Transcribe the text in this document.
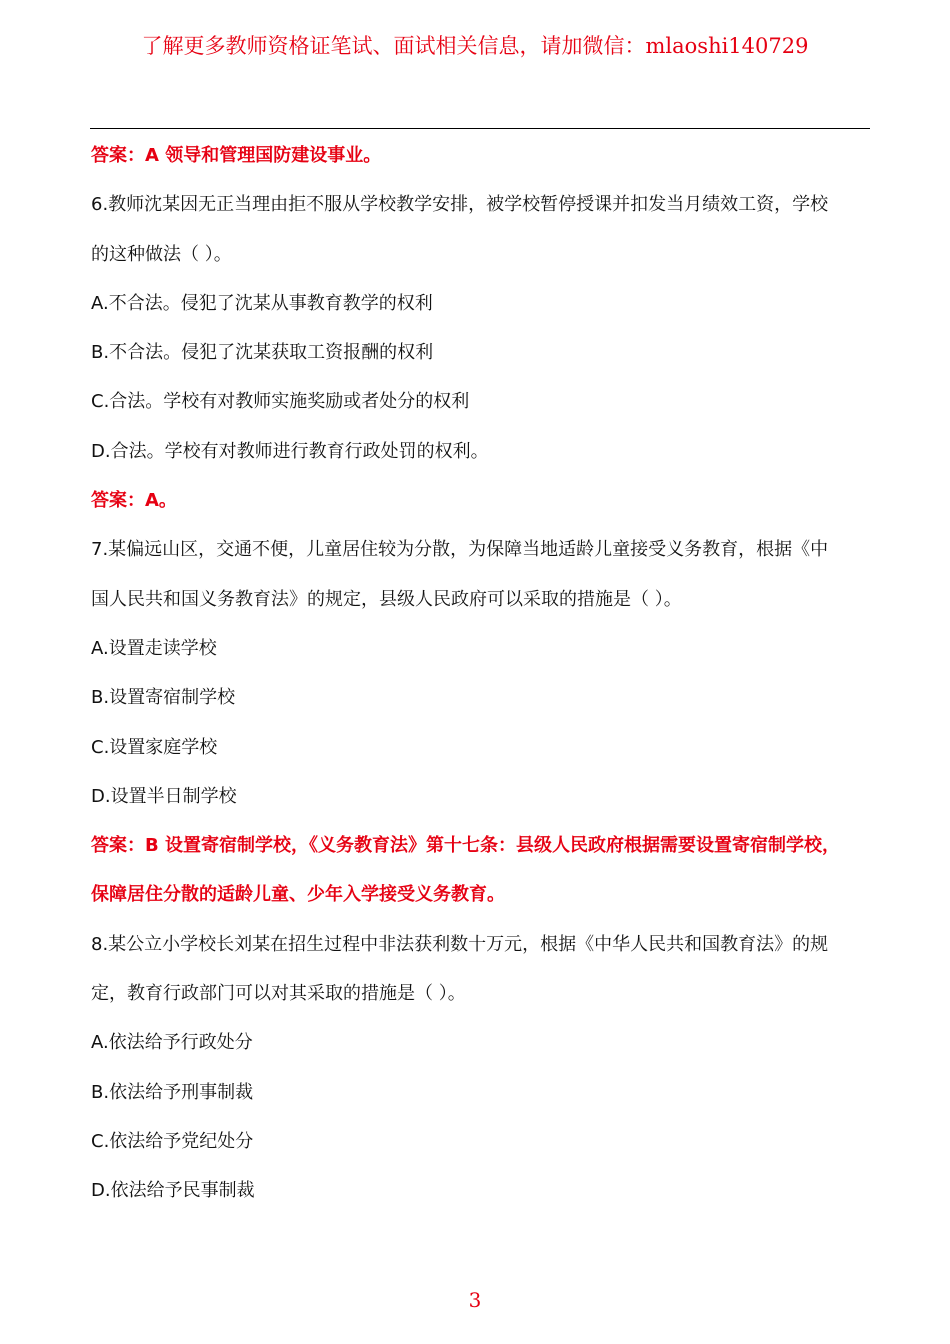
了解更多教师资格证笔试、面试相关信息，请加微信：mlaoshi140729
答案：A 领导和管理国防建设事业。
6.教师沈某因无正当理由拒不服从学校教学安排，被学校暂停授课并扣发当月绩效工资，学校
的这种做法（ ）。
A.不合法。侵犯了沈某从事教育教学的权利
B.不合法。侵犯了沈某获取工资报酬的权利
C.合法。学校有对教师实施奖励或者处分的权利
D.合法。学校有对教师进行教育行政处罚的权利。
答案：A。
7.某偏远山区，交通不便，儿童居住较为分散，为保障当地适龄儿童接受义务教育，根据《中
国人民共和国义务教育法》的规定，县级人民政府可以采取的措施是（ ）。
A.设置走读学校
B.设置寄宿制学校
C.设置家庭学校
D.设置半日制学校
答案：B 设置寄宿制学校，《义务教育法》第十七条：县级人民政府根据需要设置寄宿制学校，
保障居住分散的适龄儿童、少年入学接受义务教育。
8.某公立小学校长刘某在招生过程中非法获利数十万元，根据《中华人民共和国教育法》的规
定，教育行政部门可以对其采取的措施是（ ）。
A.依法给予行政处分
B.依法给予刑事制裁
C.依法给予党纪处分
D.依法给予民事制裁
3
